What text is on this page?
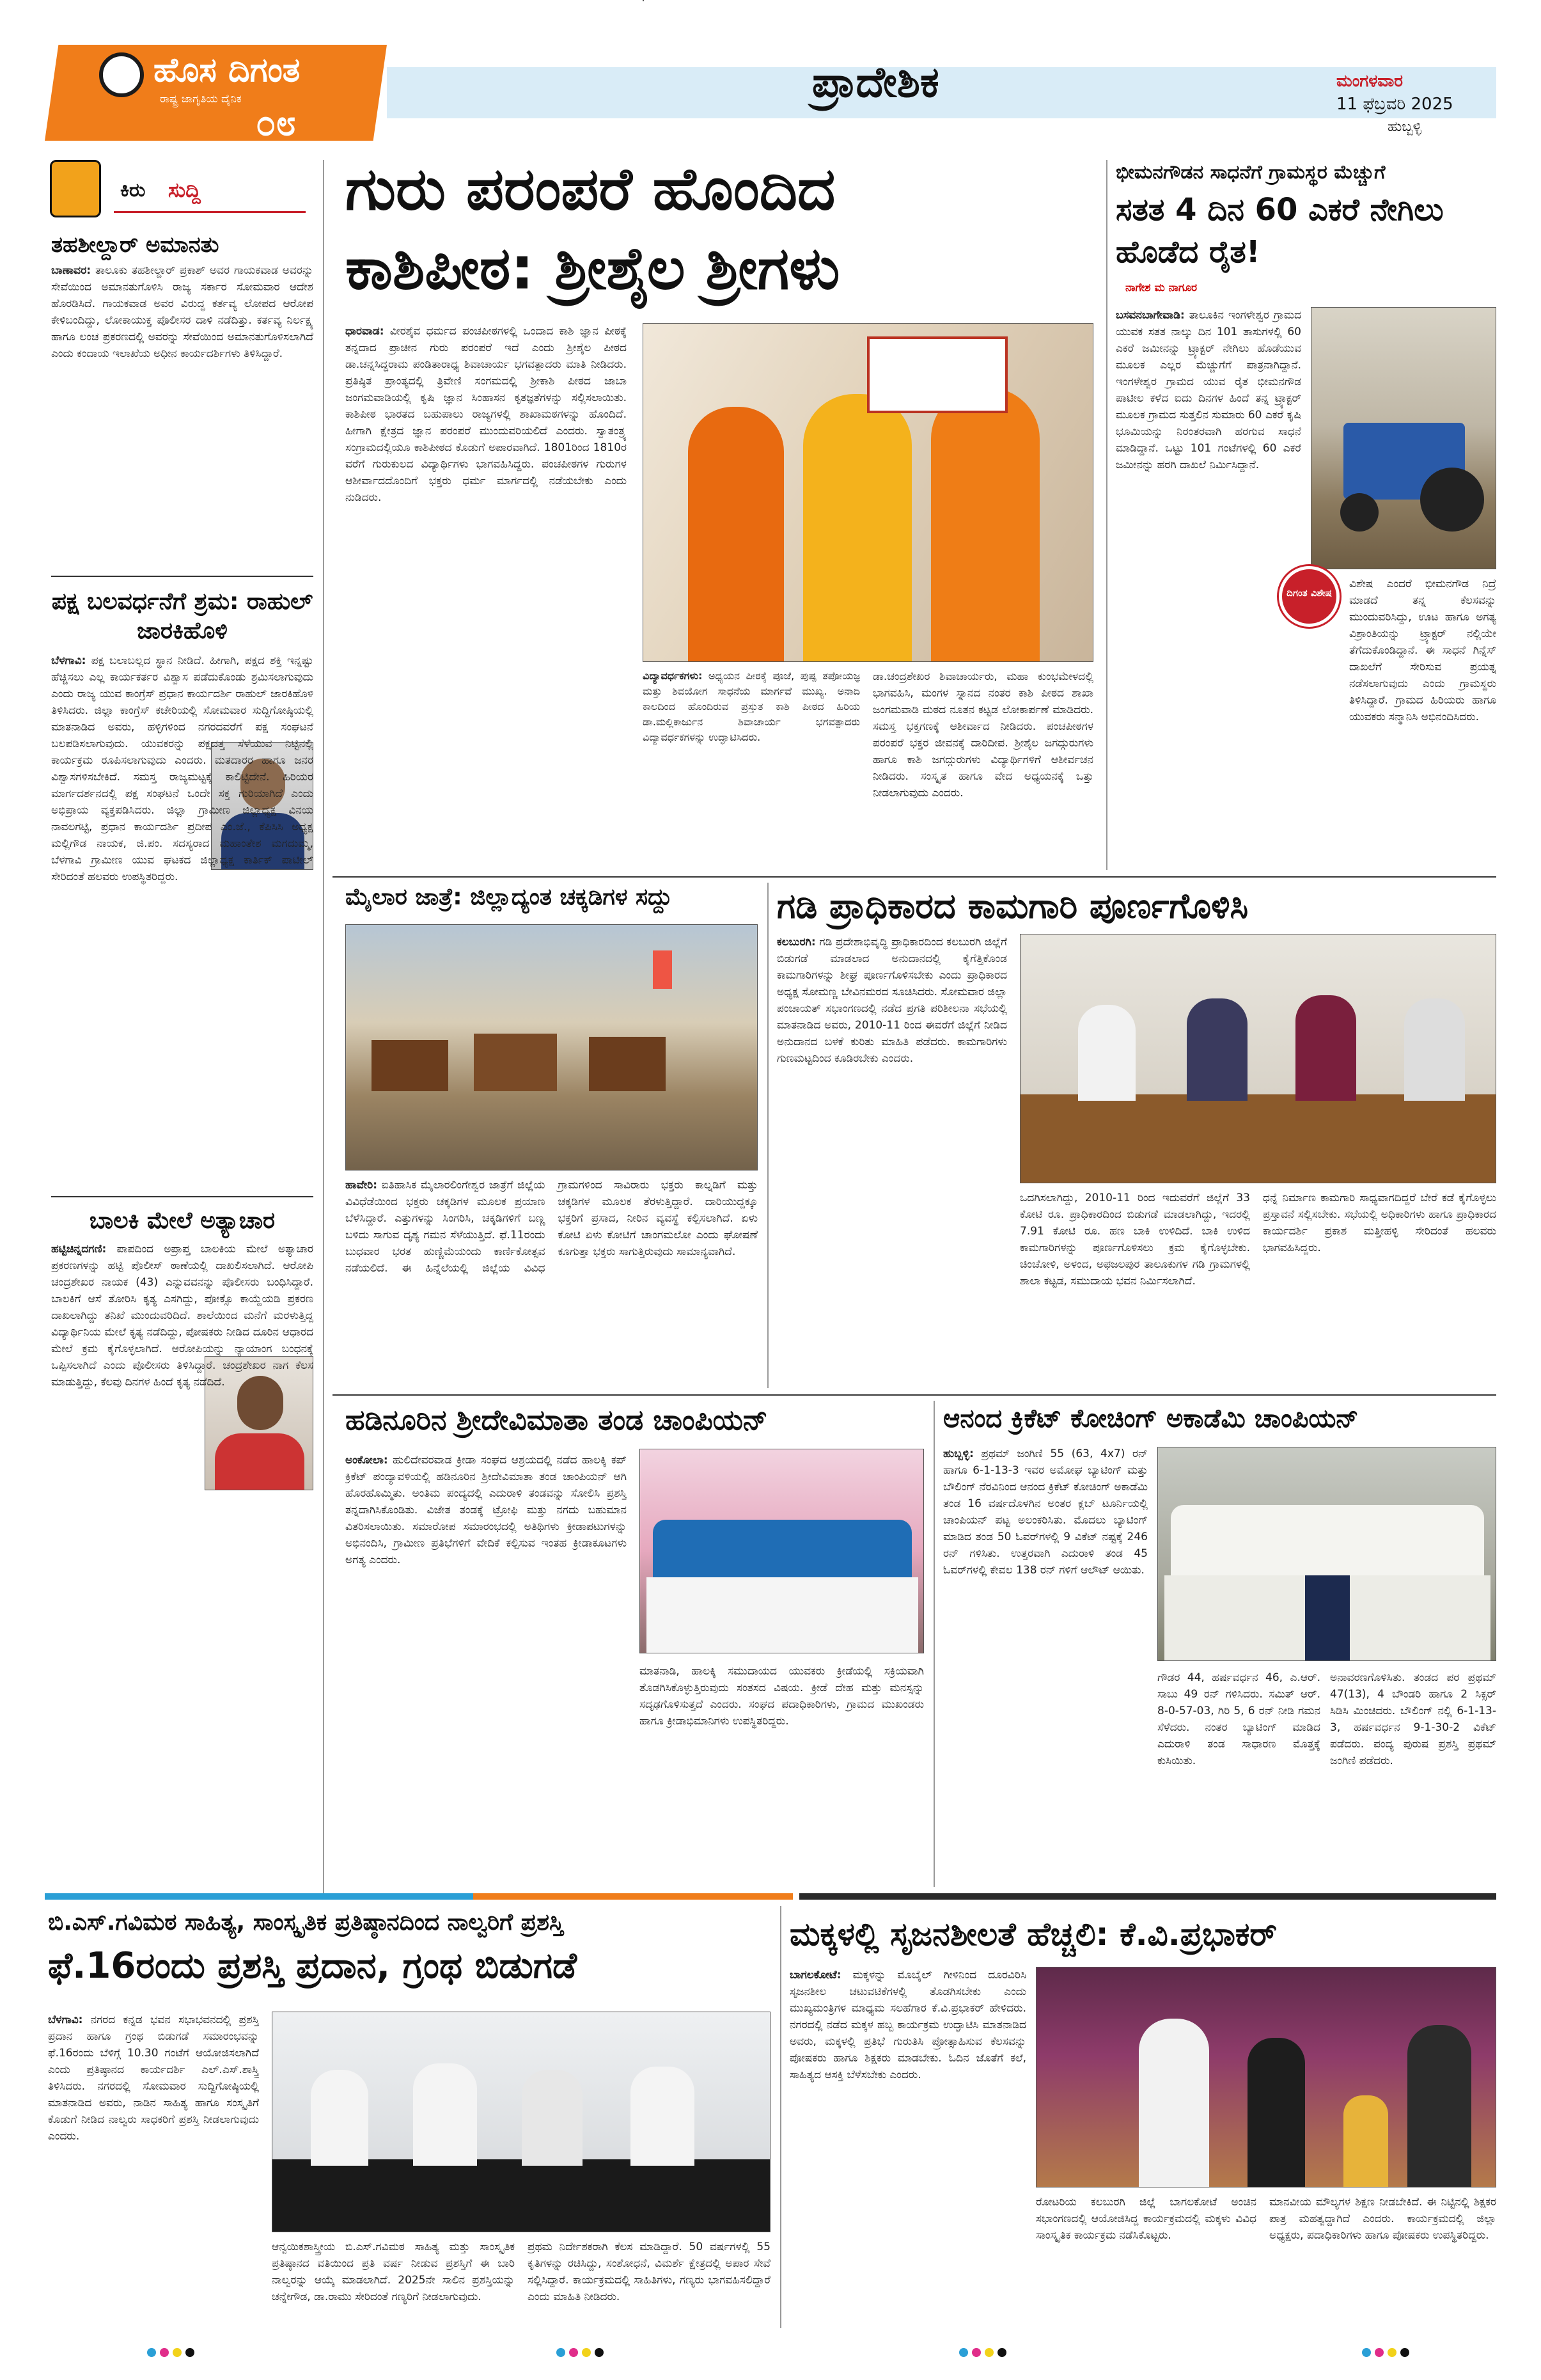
ಹೊಸ ದಿಗಂತ
ರಾಷ್ಟ್ರ ಜಾಗೃತಿಯ ದೈನಿಕ
೦೮
ಪ್ರಾದೇಶಿಕ	ಮಂಗಳವಾರ
11 ಫೆಬ್ರವರಿ 2025
ಹುಬ್ಬಳ್ಳಿ
ಕಿರು ಸುದ್ದಿ
ತಹಶೀಲ್ದಾರ್ ಅಮಾನತು
ಬಾಣಾವರ: ತಾಲೂಕು ತಹಶೀಲ್ದಾರ್ ಪ್ರಕಾಶ್ ಅವರ ಗಾಯಕವಾಡ ಅವರನ್ನು ಸೇವೆಯಿಂದ ಅಮಾನತುಗೊಳಿಸಿ ರಾಜ್ಯ ಸರ್ಕಾರ ಸೋಮವಾರ ಆದೇಶ ಹೊರಡಿಸಿದೆ. ಗಾಯಕವಾಡ ಅವರ ವಿರುದ್ಧ ಕರ್ತವ್ಯ ಲೋಪದ ಆರೋಪ ಕೇಳಿಬಂದಿದ್ದು, ಲೋಕಾಯುಕ್ತ ಪೊಲೀಸರ ದಾಳಿ ನಡೆದಿತ್ತು. ಕರ್ತವ್ಯ ನಿರ್ಲಕ್ಷ್ಯ ಹಾಗೂ ಲಂಚ ಪ್ರಕರಣದಲ್ಲಿ ಅವರನ್ನು ಸೇವೆಯಿಂದ ಅಮಾನತುಗೊಳಿಸಲಾಗಿದೆ ಎಂದು ಕಂದಾಯ ಇಲಾಖೆಯ ಅಧೀನ ಕಾರ್ಯದರ್ಶಿಗಳು ತಿಳಿಸಿದ್ದಾರೆ.
ಪಕ್ಷ ಬಲವರ್ಧನೆಗೆ ಶ್ರಮ: ರಾಹುಲ್ ಜಾರಕಿಹೊಳಿ
ಬೆಳಗಾವಿ: ಪಕ್ಷ ಬಲಾಬಲ್ಲದ ಸ್ಥಾನ ನೀಡಿದೆ. ಹೀಗಾಗಿ, ಪಕ್ಷದ ಶಕ್ತಿ ಇನ್ನಷ್ಟು ಹೆಚ್ಚಿಸಲು ಎಲ್ಲ ಕಾರ್ಯಕರ್ತರ ವಿಶ್ವಾಸ ಪಡೆದುಕೊಂಡು ಶ್ರಮಿಸಲಾಗುವುದು ಎಂದು ರಾಜ್ಯ ಯುವ ಕಾಂಗ್ರೆಸ್ ಪ್ರಧಾನ ಕಾರ್ಯದರ್ಶಿ ರಾಹುಲ್ ಜಾರಕಿಹೊಳಿ ತಿಳಿಸಿದರು. ಜಿಲ್ಲಾ ಕಾಂಗ್ರೆಸ್ ಕಚೇರಿಯಲ್ಲಿ ಸೋಮವಾರ ಸುದ್ದಿಗೋಷ್ಠಿಯಲ್ಲಿ ಮಾತನಾಡಿದ ಅವರು, ಹಳ್ಳಿಗಳಿಂದ ನಗರದವರೆಗೆ ಪಕ್ಷ ಸಂಘಟನೆ ಬಲಪಡಿಸಲಾಗುವುದು. ಯುವಕರನ್ನು ಪಕ್ಷದತ್ತ ಸೆಳೆಯುವ ನಿಟ್ಟಿನಲ್ಲಿ ಕಾರ್ಯಕ್ರಮ ರೂಪಿಸಲಾಗುವುದು ಎಂದರು. ಮತದಾರರ ಹಾಗೂ ಜನರ ವಿಶ್ವಾಸಗಳಿಸಬೇಕಿದೆ. ಸಮಸ್ತ ರಾಜ್ಯಮಟ್ಟಕ್ಕೆ ಕಾಲಿಟ್ಟಿದೇನೆ. ಹಿರಿಯರ ಮಾರ್ಗದರ್ಶನದಲ್ಲಿ ಪಕ್ಷ ಸಂಘಟನೆ ಒಂದೇ ಸಕ್ತ ಗುರಿಯಾಗಿದೆ ಎಂದು ಅಭಿಪ್ರಾಯ ವ್ಯಕ್ತಪಡಿಸಿದರು. ಜಿಲ್ಲಾ ಗ್ರಾಮೀಣ ಜಿಲ್ಲಾಧ್ಯಕ್ಷ ವಿನಯ ನಾವಲಗಟ್ಟಿ, ಪ್ರಧಾನ ಕಾರ್ಯದರ್ಶಿ ಪ್ರದೀಪ ಎಂ.ಜೆ., ಕೆಪಿಸಿಸಿ ಅಧ್ಯಕ್ಷ ಮಲ್ಲಿಗೌಡ ನಾಯಕ, ಜಿ.ಪಂ. ಸದಸ್ಯರಾದ ಮಹಾಂತೇಶ ಮಗದುಮ್ಮ, ಬೆಳಗಾವಿ ಗ್ರಾಮೀಣ ಯುವ ಘಟಕದ ಜಿಲ್ಲಾಧ್ಯಕ್ಷ ಕಾರ್ತಿಕ್ ಪಾಟೀಲ್ ಸೇರಿದಂತೆ ಹಲವರು ಉಪಸ್ಥಿತರಿದ್ದರು.
ಬಾಲಕಿ ಮೇಲೆ ಅತ್ಯಾಚಾರ
ಹಟ್ಟಿಚಿನ್ನದಗಣಿ: ಪಾಪದಿಂದ ಅಪ್ರಾಪ್ತ ಬಾಲಕಿಯ ಮೇಲೆ ಅತ್ಯಾಚಾರ ಪ್ರಕರಣಗಳನ್ನು ಹಟ್ಟಿ ಪೊಲೀಸ್ ಠಾಣೆಯಲ್ಲಿ ದಾಖಲಿಸಲಾಗಿದೆ. ಆರೋಪಿ ಚಂದ್ರಶೇಖರ ನಾಯಕ (43) ಎನ್ನುವವನನ್ನು ಪೊಲೀಸರು ಬಂಧಿಸಿದ್ದಾರೆ. ಬಾಲಕಿಗೆ ಆಸೆ ತೋರಿಸಿ ಕೃತ್ಯ ಎಸಗಿದ್ದು, ಪೋಕ್ಸೊ ಕಾಯ್ದೆಯಡಿ ಪ್ರಕರಣ ದಾಖಲಾಗಿದ್ದು ತನಿಖೆ ಮುಂದುವರಿದಿದೆ. ಶಾಲೆಯಿಂದ ಮನೆಗೆ ಮರಳುತ್ತಿದ್ದ ವಿದ್ಯಾರ್ಥಿನಿಯ ಮೇಲೆ ಕೃತ್ಯ ನಡೆದಿದ್ದು, ಪೋಷಕರು ನೀಡಿದ ದೂರಿನ ಆಧಾರದ ಮೇಲೆ ಕ್ರಮ ಕೈಗೊಳ್ಳಲಾಗಿದೆ. ಆರೋಪಿಯನ್ನು ನ್ಯಾಯಾಂಗ ಬಂಧನಕ್ಕೆ ಒಪ್ಪಿಸಲಾಗಿದೆ ಎಂದು ಪೊಲೀಸರು ತಿಳಿಸಿದ್ದಾರೆ. ಚಂದ್ರಶೇಖರ ನಾಗ ಕೆಲಸ ಮಾಡುತ್ತಿದ್ದು, ಕೆಲವು ದಿನಗಳ ಹಿಂದೆ ಕೃತ್ಯ ನಡೆದಿದೆ.
ಗುರು ಪರಂಪರೆ ಹೊಂದಿದ
ಕಾಶಿಪೀಠ: ಶ್ರೀಶೈಲ ಶ್ರೀಗಳು
ಧಾರವಾಡ: ವೀರಶೈವ ಧರ್ಮದ ಪಂಚಪೀಠಗಳಲ್ಲಿ ಒಂದಾದ ಕಾಶಿ ಜ್ಞಾನ ಪೀಠಕ್ಕೆ ತನ್ನದಾದ ಪ್ರಾಚೀನ ಗುರು ಪರಂಪರೆ ಇದೆ ಎಂದು ಶ್ರೀಶೈಲ ಪೀಠದ ಡಾ.ಚನ್ನಸಿದ್ಧರಾಮ ಪಂಡಿತಾರಾಧ್ಯ ಶಿವಾಚಾರ್ಯ ಭಗವತ್ಪಾದರು ಮಾತಿ ನೀಡಿದರು. ಪ್ರತಿಷ್ಠಿತ ಪ್ರಾಂತ್ಯದಲ್ಲಿ ತ್ರಿವೇಣಿ ಸಂಗಮದಲ್ಲಿ ಶ್ರೀಕಾಶಿ ಪೀಠದ ಜಾಬಾ ಜಂಗಮವಾಡಿಯಲ್ಲಿ ಕೃಷಿ ಜ್ಞಾನ ಸಿಂಹಾಸನ ಕೃತಜ್ಞತೆಗಳನ್ನು ಸಲ್ಲಿಸಲಾಯಿತು. ಕಾಶಿಪೀಠ ಭಾರತದ ಬಹುಪಾಲು ರಾಜ್ಯಗಳಲ್ಲಿ ಶಾಖಾಮಠಗಳನ್ನು ಹೊಂದಿದೆ. ಹೀಗಾಗಿ ಕ್ಷೇತ್ರದ ಜ್ಞಾನ ಪರಂಪರೆ ಮುಂದುವರಿಯಲಿದೆ ಎಂದರು. ಸ್ವಾತಂತ್ರ್ಯ ಸಂಗ್ರಾಮದಲ್ಲಿಯೂ ಕಾಶಿಪೀಠದ ಕೊಡುಗೆ ಅಪಾರವಾಗಿದೆ. 1801ರಿಂದ 1810ರ ವರೆಗೆ ಗುರುಕುಲದ ವಿದ್ಯಾರ್ಥಿಗಳು ಭಾಗವಹಿಸಿದ್ದರು. ಪಂಚಪೀಠಗಳ ಗುರುಗಳ ಆಶೀರ್ವಾದದೊಂದಿಗೆ ಭಕ್ತರು ಧರ್ಮ ಮಾರ್ಗದಲ್ಲಿ ನಡೆಯಬೇಕು ಎಂದು ನುಡಿದರು.
ವಿದ್ಯಾವರ್ಧಕಗಳು: ಅಧ್ಯಯನ ಪೀಠಕ್ಕೆ ಪೂಜೆ, ಪುಷ್ಪ ತಪೋಯಜ್ಞ ಮತ್ತು ಶಿವಯೋಗ ಸಾಧನೆಯ ಮಾರ್ಗವೆ ಮುಖ್ಯ. ಅನಾದಿ ಕಾಲದಿಂದ ಹೊಂದಿರುವ ಪ್ರಸ್ತುತ ಕಾಶಿ ಪೀಠದ ಹಿರಿಯ ಡಾ.ಮಲ್ಲಿಕಾರ್ಜುನ ಶಿವಾಚಾರ್ಯ ಭಗವತ್ಪಾದರು ವಿದ್ಯಾವರ್ಧಕಗಳನ್ನು ಉದ್ಘಾಟಿಸಿದರು.
ಡಾ.ಚಂದ್ರಶೇಖರ ಶಿವಾಚಾರ್ಯರು, ಮಹಾ ಕುಂಭಮೇಳದಲ್ಲಿ ಭಾಗವಹಿಸಿ, ಮಂಗಳ ಸ್ನಾನದ ನಂತರ ಕಾಶಿ ಪೀಠದ ಶಾಖಾ ಜಂಗಮವಾಡಿ ಮಠದ ನೂತನ ಕಟ್ಟಡ ಲೋಕಾರ್ಪಣೆ ಮಾಡಿದರು. ಸಮಸ್ತ ಭಕ್ತಗಣಕ್ಕೆ ಆಶೀರ್ವಾದ ನೀಡಿದರು. ಪಂಚಪೀಠಗಳ ಪರಂಪರೆ ಭಕ್ತರ ಜೀವನಕ್ಕೆ ದಾರಿದೀಪ. ಶ್ರೀಶೈಲ ಜಗದ್ಗುರುಗಳು ಹಾಗೂ ಕಾಶಿ ಜಗದ್ಗುರುಗಳು ವಿದ್ಯಾರ್ಥಿಗಳಿಗೆ ಆಶೀರ್ವಚನ ನೀಡಿದರು. ಸಂಸ್ಕೃತ ಹಾಗೂ ವೇದ ಅಧ್ಯಯನಕ್ಕೆ ಒತ್ತು ನೀಡಲಾಗುವುದು ಎಂದರು.
ಭೀಮನಗೌಡನ ಸಾಧನೆಗೆ ಗ್ರಾಮಸ್ಥರ ಮೆಚ್ಚುಗೆ
ಸತತ 4 ದಿನ 60 ಎಕರೆ ನೇಗಿಲು ಹೊಡೆದ ರೈತ!
ನಾಗೇಶ ಮ ನಾಗೂರ
ಬಸವನಬಾಗೇವಾಡಿ: ತಾಲೂಕಿನ ಇಂಗಳೇಶ್ವರ ಗ್ರಾಮದ ಯುವಕ ಸತತ ನಾಲ್ಕು ದಿನ 101 ತಾಸುಗಳಲ್ಲಿ 60 ಎಕರೆ ಜಮೀನನ್ನು ಟ್ರ್ಯಾಕ್ಟರ್ ನೇಗಿಲು ಹೊಡೆಯುವ ಮೂಲಕ ಎಲ್ಲರ ಮೆಚ್ಚುಗೆಗೆ ಪಾತ್ರನಾಗಿದ್ದಾನೆ. ಇಂಗಳೇಶ್ವರ ಗ್ರಾಮದ ಯುವ ರೈತ ಭೀಮನಗೌಡ ಪಾಟೀಲ ಕಳೆದ ಐದು ದಿನಗಳ ಹಿಂದೆ ತನ್ನ ಟ್ರ್ಯಾಕ್ಟರ್ ಮೂಲಕ ಗ್ರಾಮದ ಸುತ್ತಲಿನ ಸುಮಾರು 60 ಎಕರೆ ಕೃಷಿ ಭೂಮಿಯನ್ನು ನಿರಂತರವಾಗಿ ಹರಗುವ ಸಾಧನೆ ಮಾಡಿದ್ದಾನೆ. ಒಟ್ಟು 101 ಗಂಟೆಗಳಲ್ಲಿ 60 ಎಕರೆ ಜಮೀನನ್ನು ಹರಗಿ ದಾಖಲೆ ನಿರ್ಮಿಸಿದ್ದಾನೆ.
ದಿಗಂತ ವಿಶೇಷ
ವಿಶೇಷ ಎಂದರೆ ಭೀಮನಗೌಡ ನಿದ್ರೆ ಮಾಡದೆ ತನ್ನ ಕೆಲಸವನ್ನು ಮುಂದುವರಿಸಿದ್ದು, ಊಟ ಹಾಗೂ ಅಗತ್ಯ ವಿಶ್ರಾಂತಿಯನ್ನು ಟ್ರ್ಯಾಕ್ಟರ್ ನಲ್ಲಿಯೇ ತೆಗೆದುಕೊಂಡಿದ್ದಾನೆ. ಈ ಸಾಧನೆ ಗಿನ್ನೆಸ್ ದಾಖಲೆಗೆ ಸೇರಿಸುವ ಪ್ರಯತ್ನ ನಡೆಸಲಾಗುವುದು ಎಂದು ಗ್ರಾಮಸ್ಥರು ತಿಳಿಸಿದ್ದಾರೆ. ಗ್ರಾಮದ ಹಿರಿಯರು ಹಾಗೂ ಯುವಕರು ಸನ್ಮಾನಿಸಿ ಅಭಿನಂದಿಸಿದರು.
ಮೈಲಾರ ಜಾತ್ರೆ: ಜಿಲ್ಲಾದ್ಯಂತ ಚಕ್ಕಡಿಗಳ ಸದ್ದು
ಹಾವೇರಿ: ಐತಿಹಾಸಿಕ ಮೈಲಾರಲಿಂಗೇಶ್ವರ ಜಾತ್ರೆಗೆ ಜಿಲ್ಲೆಯ ವಿವಿಧೆಡೆಯಿಂದ ಭಕ್ತರು ಚಕ್ಕಡಿಗಳ ಮೂಲಕ ಪ್ರಯಾಣ ಬೆಳೆಸಿದ್ದಾರೆ. ಎತ್ತುಗಳನ್ನು ಸಿಂಗರಿಸಿ, ಚಕ್ಕಡಿಗಳಿಗೆ ಬಣ್ಣ ಬಳಿದು ಸಾಗುವ ದೃಶ್ಯ ಗಮನ ಸೆಳೆಯುತ್ತಿದೆ. ಫೆ.11ರಂದು ಬುಧವಾರ ಭರತ ಹುಣ್ಣಿಮೆಯಂದು ಕಾರ್ಣಿಕೋತ್ಸವ ನಡೆಯಲಿದೆ. ಈ ಹಿನ್ನೆಲೆಯಲ್ಲಿ ಜಿಲ್ಲೆಯ ವಿವಿಧ ಗ್ರಾಮಗಳಿಂದ ಸಾವಿರಾರು ಭಕ್ತರು ಕಾಲ್ನಡಿಗೆ ಮತ್ತು ಚಕ್ಕಡಿಗಳ ಮೂಲಕ ತೆರಳುತ್ತಿದ್ದಾರೆ. ದಾರಿಯುದ್ದಕ್ಕೂ ಭಕ್ತರಿಗೆ ಪ್ರಸಾದ, ನೀರಿನ ವ್ಯವಸ್ಥೆ ಕಲ್ಪಿಸಲಾಗಿದೆ. ಏಳು ಕೋಟಿ ಏಳು ಕೋಟಿಗೆ ಚಾಂಗಮಲೋ ಎಂದು ಘೋಷಣೆ ಕೂಗುತ್ತಾ ಭಕ್ತರು ಸಾಗುತ್ತಿರುವುದು ಸಾಮಾನ್ಯವಾಗಿದೆ.
ಗಡಿ ಪ್ರಾಧಿಕಾರದ ಕಾಮಗಾರಿ ಪೂರ್ಣಗೊಳಿಸಿ
ಕಲಬುರಗಿ: ಗಡಿ ಪ್ರದೇಶಾಭಿವೃದ್ಧಿ ಪ್ರಾಧಿಕಾರದಿಂದ ಕಲಬುರಗಿ ಜಿಲ್ಲೆಗೆ ಬಿಡುಗಡೆ ಮಾಡಲಾದ ಅನುದಾನದಲ್ಲಿ ಕೈಗೆತ್ತಿಕೊಂಡ ಕಾಮಗಾರಿಗಳನ್ನು ಶೀಘ್ರ ಪೂರ್ಣಗೊಳಿಸಬೇಕು ಎಂದು ಪ್ರಾಧಿಕಾರದ ಅಧ್ಯಕ್ಷ ಸೋಮಣ್ಣ ಬೇವಿನಮರದ ಸೂಚಿಸಿದರು. ಸೋಮವಾರ ಜಿಲ್ಲಾ ಪಂಚಾಯತ್ ಸಭಾಂಗಣದಲ್ಲಿ ನಡೆದ ಪ್ರಗತಿ ಪರಿಶೀಲನಾ ಸಭೆಯಲ್ಲಿ ಮಾತನಾಡಿದ ಅವರು, 2010-11 ರಿಂದ ಈವರೆಗೆ ಜಿಲ್ಲೆಗೆ ನೀಡಿದ ಅನುದಾನದ ಬಳಕೆ ಕುರಿತು ಮಾಹಿತಿ ಪಡೆದರು. ಕಾಮಗಾರಿಗಳು ಗುಣಮಟ್ಟದಿಂದ ಕೂಡಿರಬೇಕು ಎಂದರು.
ಒದಗಿಸಲಾಗಿದ್ದು, 2010-11 ರಿಂದ ಇದುವರೆಗೆ ಜಿಲ್ಲೆಗೆ 33 ಕೋಟಿ ರೂ. ಪ್ರಾಧಿಕಾರದಿಂದ ಬಿಡುಗಡೆ ಮಾಡಲಾಗಿದ್ದು, ಇದರಲ್ಲಿ 7.91 ಕೋಟಿ ರೂ. ಹಣ ಬಾಕಿ ಉಳಿದಿದೆ. ಬಾಕಿ ಉಳಿದ ಕಾಮಗಾರಿಗಳನ್ನು ಪೂರ್ಣಗೊಳಿಸಲು ಕ್ರಮ ಕೈಗೊಳ್ಳಬೇಕು. ಚಿಂಚೋಳಿ, ಅಳಂದ, ಅಫಜಲಪುರ ತಾಲೂಕುಗಳ ಗಡಿ ಗ್ರಾಮಗಳಲ್ಲಿ ಶಾಲಾ ಕಟ್ಟಡ, ಸಮುದಾಯ ಭವನ ನಿರ್ಮಿಸಲಾಗಿದೆ.
ಧನ್ನೆ ನಿರ್ಮಾಣ ಕಾಮಗಾರಿ ಸಾಧ್ಯವಾಗದಿದ್ದರೆ ಬೇರೆ ಕಡೆ ಕೈಗೊಳ್ಳಲು ಪ್ರಸ್ತಾವನೆ ಸಲ್ಲಿಸಬೇಕು. ಸಭೆಯಲ್ಲಿ ಅಧಿಕಾರಿಗಳು ಹಾಗೂ ಪ್ರಾಧಿಕಾರದ ಕಾರ್ಯದರ್ಶಿ ಪ್ರಕಾಶ ಮತ್ತೀಹಳ್ಳಿ ಸೇರಿದಂತೆ ಹಲವರು ಭಾಗವಹಿಸಿದ್ದರು.
ಹಡಿನೂರಿನ ಶ್ರೀದೇವಿಮಾತಾ ತಂಡ ಚಾಂಪಿಯನ್
ಅಂಕೋಲಾ: ಹುಲಿದೇವರವಾಡ ಕ್ರೀಡಾ ಸಂಘದ ಆಶ್ರಯದಲ್ಲಿ ನಡೆದ ಹಾಲಕ್ಕಿ ಕಪ್ ಕ್ರಿಕೆಟ್ ಪಂದ್ಯಾವಳಿಯಲ್ಲಿ ಹಡಿನೂರಿನ ಶ್ರೀದೇವಿಮಾತಾ ತಂಡ ಚಾಂಪಿಯನ್ ಆಗಿ ಹೊರಹೊಮ್ಮಿತು. ಅಂತಿಮ ಪಂದ್ಯದಲ್ಲಿ ಎದುರಾಳಿ ತಂಡವನ್ನು ಸೋಲಿಸಿ ಪ್ರಶಸ್ತಿ ತನ್ನದಾಗಿಸಿಕೊಂಡಿತು. ವಿಜೇತ ತಂಡಕ್ಕೆ ಟ್ರೋಫಿ ಮತ್ತು ನಗದು ಬಹುಮಾನ ವಿತರಿಸಲಾಯಿತು. ಸಮಾರೋಪ ಸಮಾರಂಭದಲ್ಲಿ ಅತಿಥಿಗಳು ಕ್ರೀಡಾಪಟುಗಳನ್ನು ಅಭಿನಂದಿಸಿ, ಗ್ರಾಮೀಣ ಪ್ರತಿಭೆಗಳಿಗೆ ವೇದಿಕೆ ಕಲ್ಪಿಸುವ ಇಂತಹ ಕ್ರೀಡಾಕೂಟಗಳು ಅಗತ್ಯ ಎಂದರು.
ಮಾತನಾಡಿ, ಹಾಲಕ್ಕಿ ಸಮುದಾಯದ ಯುವಕರು ಕ್ರೀಡೆಯಲ್ಲಿ ಸಕ್ರಿಯವಾಗಿ ತೊಡಗಿಸಿಕೊಳ್ಳುತ್ತಿರುವುದು ಸಂತಸದ ವಿಷಯ. ಕ್ರೀಡೆ ದೇಹ ಮತ್ತು ಮನಸ್ಸನ್ನು ಸದೃಢಗೊಳಿಸುತ್ತದೆ ಎಂದರು. ಸಂಘದ ಪದಾಧಿಕಾರಿಗಳು, ಗ್ರಾಮದ ಮುಖಂಡರು ಹಾಗೂ ಕ್ರೀಡಾಭಿಮಾನಿಗಳು ಉಪಸ್ಥಿತರಿದ್ದರು.
ಆನಂದ ಕ್ರಿಕೆಟ್ ಕೋಚಿಂಗ್ ಅಕಾಡೆಮಿ ಚಾಂಪಿಯನ್
ಹುಬ್ಬಳ್ಳಿ: ಪ್ರಥಮ್ ಜಂಗಿಣಿ 55 (63, 4x7) ರನ್ ಹಾಗೂ 6-1-13-3 ಇವರ ಅಮೋಘ ಬ್ಯಾಟಿಂಗ್ ಮತ್ತು ಬೌಲಿಂಗ್ ನೆರವಿನಿಂದ ಆನಂದ ಕ್ರಿಕೆಟ್ ಕೋಚಿಂಗ್ ಅಕಾಡೆಮಿ ತಂಡ 16 ವರ್ಷದೊಳಗಿನ ಅಂತರ ಕ್ಲಬ್ ಟೂರ್ನಿಯಲ್ಲಿ ಚಾಂಪಿಯನ್ ಪಟ್ಟ ಅಲಂಕರಿಸಿತು. ಮೊದಲು ಬ್ಯಾಟಿಂಗ್ ಮಾಡಿದ ತಂಡ 50 ಓವರ್‌ಗಳಲ್ಲಿ 9 ವಿಕೆಟ್ ನಷ್ಟಕ್ಕೆ 246 ರನ್ ಗಳಿಸಿತು. ಉತ್ತರವಾಗಿ ಎದುರಾಳಿ ತಂಡ 45 ಓವರ್‌ಗಳಲ್ಲಿ ಕೇವಲ 138 ರನ್ ಗಳಿಗೆ ಆಲೌಟ್ ಆಯಿತು.
ಗೌಡರ 44, ಹರ್ಷವರ್ಧನ 46, ಎ.ಆರ್. ಸಾಬು 49 ರನ್ ಗಳಿಸಿದರು. ಸಮಿತ್ ಆರ್. 8-0-57-03, ಗಿರಿ 5, 6 ರನ್ ನೀಡಿ ಗಮನ ಸೆಳೆದರು. ನಂತರ ಬ್ಯಾಟಿಂಗ್ ಮಾಡಿದ ಎದುರಾಳಿ ತಂಡ ಸಾಧಾರಣ ಮೊತ್ತಕ್ಕೆ ಕುಸಿಯಿತು.
ಅನಾವರಣಗೊಳಿಸಿತು. ತಂಡದ ಪರ ಪ್ರಥಮ್ 47(13), 4 ಬೌಂಡರಿ ಹಾಗೂ 2 ಸಿಕ್ಸರ್ ಸಿಡಿಸಿ ಮಿಂಚಿದರು. ಬೌಲಿಂಗ್ ನಲ್ಲಿ 6-1-13-3, ಹರ್ಷವರ್ಧನ 9-1-30-2 ವಿಕೆಟ್ ಪಡೆದರು. ಪಂದ್ಯ ಪುರುಷ ಪ್ರಶಸ್ತಿ ಪ್ರಥಮ್ ಜಂಗಿಣಿ ಪಡೆದರು.
ಬಿ.ಎಸ್.ಗವಿಮಠ ಸಾಹಿತ್ಯ, ಸಾಂಸ್ಕೃತಿಕ ಪ್ರತಿಷ್ಠಾನದಿಂದ ನಾಲ್ವರಿಗೆ ಪ್ರಶಸ್ತಿ
ಫೆ.16ರಂದು ಪ್ರಶಸ್ತಿ ಪ್ರದಾನ, ಗ್ರಂಥ ಬಿಡುಗಡೆ
ಬೆಳಗಾವಿ: ನಗರದ ಕನ್ನಡ ಭವನ ಸಭಾಭವನದಲ್ಲಿ ಪ್ರಶಸ್ತಿ ಪ್ರದಾನ ಹಾಗೂ ಗ್ರಂಥ ಬಿಡುಗಡೆ ಸಮಾರಂಭವನ್ನು ಫೆ.16ರಂದು ಬೆಳಿಗ್ಗೆ 10.30 ಗಂಟೆಗೆ ಆಯೋಜಿಸಲಾಗಿದೆ ಎಂದು ಪ್ರತಿಷ್ಠಾನದ ಕಾರ್ಯದರ್ಶಿ ಎಲ್.ಎಸ್.ಶಾಸ್ತ್ರಿ ತಿಳಿಸಿದರು. ನಗರದಲ್ಲಿ ಸೋಮವಾರ ಸುದ್ದಿಗೋಷ್ಠಿಯಲ್ಲಿ ಮಾತನಾಡಿದ ಅವರು, ನಾಡಿನ ಸಾಹಿತ್ಯ ಹಾಗೂ ಸಂಸ್ಕೃತಿಗೆ ಕೊಡುಗೆ ನೀಡಿದ ನಾಲ್ವರು ಸಾಧಕರಿಗೆ ಪ್ರಶಸ್ತಿ ನೀಡಲಾಗುವುದು ಎಂದರು.
ಆನ್ವಯಿಕಶಾಸ್ತ್ರೀಯ ಬಿ.ಎಸ್.ಗವಿಮಠ ಸಾಹಿತ್ಯ ಮತ್ತು ಸಾಂಸ್ಕೃತಿಕ ಪ್ರತಿಷ್ಠಾನದ ವತಿಯಿಂದ ಪ್ರತಿ ವರ್ಷ ನೀಡುವ ಪ್ರಶಸ್ತಿಗೆ ಈ ಬಾರಿ ನಾಲ್ವರನ್ನು ಆಯ್ಕೆ ಮಾಡಲಾಗಿದೆ. 2025ನೇ ಸಾಲಿನ ಪ್ರಶಸ್ತಿಯನ್ನು ಚನ್ನೇಗೌಡ, ಡಾ.ರಾಮು ಸೇರಿದಂತೆ ಗಣ್ಯರಿಗೆ ನೀಡಲಾಗುವುದು.
ಪ್ರಥಮ ನಿರ್ದೇಶಕರಾಗಿ ಕೆಲಸ ಮಾಡಿದ್ದಾರೆ. 50 ವರ್ಷಗಳಲ್ಲಿ 55 ಕೃತಿಗಳನ್ನು ರಚಿಸಿದ್ದು, ಸಂಶೋಧನೆ, ವಿಮರ್ಶೆ ಕ್ಷೇತ್ರದಲ್ಲಿ ಅಪಾರ ಸೇವೆ ಸಲ್ಲಿಸಿದ್ದಾರೆ. ಕಾರ್ಯಕ್ರಮದಲ್ಲಿ ಸಾಹಿತಿಗಳು, ಗಣ್ಯರು ಭಾಗವಹಿಸಲಿದ್ದಾರೆ ಎಂದು ಮಾಹಿತಿ ನೀಡಿದರು.
ಮಕ್ಕಳಲ್ಲಿ ಸೃಜನಶೀಲತೆ ಹೆಚ್ಚಲಿ: ಕೆ.ವಿ.ಪ್ರಭಾಕರ್
ಬಾಗಲಕೋಟೆ: ಮಕ್ಕಳನ್ನು ಮೊಬೈಲ್ ಗೀಳಿನಿಂದ ದೂರವಿರಿಸಿ ಸೃಜನಶೀಲ ಚಟುವಟಿಕೆಗಳಲ್ಲಿ ತೊಡಗಿಸಬೇಕು ಎಂದು ಮುಖ್ಯಮಂತ್ರಿಗಳ ಮಾಧ್ಯಮ ಸಲಹೆಗಾರ ಕೆ.ವಿ.ಪ್ರಭಾಕರ್ ಹೇಳಿದರು. ನಗರದಲ್ಲಿ ನಡೆದ ಮಕ್ಕಳ ಹಬ್ಬ ಕಾರ್ಯಕ್ರಮ ಉದ್ಘಾಟಿಸಿ ಮಾತನಾಡಿದ ಅವರು, ಮಕ್ಕಳಲ್ಲಿ ಪ್ರತಿಭೆ ಗುರುತಿಸಿ ಪ್ರೋತ್ಸಾಹಿಸುವ ಕೆಲಸವನ್ನು ಪೋಷಕರು ಹಾಗೂ ಶಿಕ್ಷಕರು ಮಾಡಬೇಕು. ಓದಿನ ಜೊತೆಗೆ ಕಲೆ, ಸಾಹಿತ್ಯದ ಆಸಕ್ತಿ ಬೆಳೆಸಬೇಕು ಎಂದರು.
ರೋಟರಿಯ ಕಲಬುರಗಿ ಜಿಲ್ಲೆ ಬಾಗಲಕೋಟೆ ಅಂಚಿನ ಸಭಾಂಗಣದಲ್ಲಿ ಆಯೋಜಿಸಿದ್ದ ಕಾರ್ಯಕ್ರಮದಲ್ಲಿ ಮಕ್ಕಳು ವಿವಿಧ ಸಾಂಸ್ಕೃತಿಕ ಕಾರ್ಯಕ್ರಮ ನಡೆಸಿಕೊಟ್ಟರು.
ಮಾನವೀಯ ಮೌಲ್ಯಗಳ ಶಿಕ್ಷಣ ನೀಡಬೇಕಿದೆ. ಈ ನಿಟ್ಟಿನಲ್ಲಿ ಶಿಕ್ಷಕರ ಪಾತ್ರ ಮಹತ್ವದ್ದಾಗಿದೆ ಎಂದರು. ಕಾರ್ಯಕ್ರಮದಲ್ಲಿ ಜಿಲ್ಲಾ ಅಧ್ಯಕ್ಷರು, ಪದಾಧಿಕಾರಿಗಳು ಹಾಗೂ ಪೋಷಕರು ಉಪಸ್ಥಿತರಿದ್ದರು.
